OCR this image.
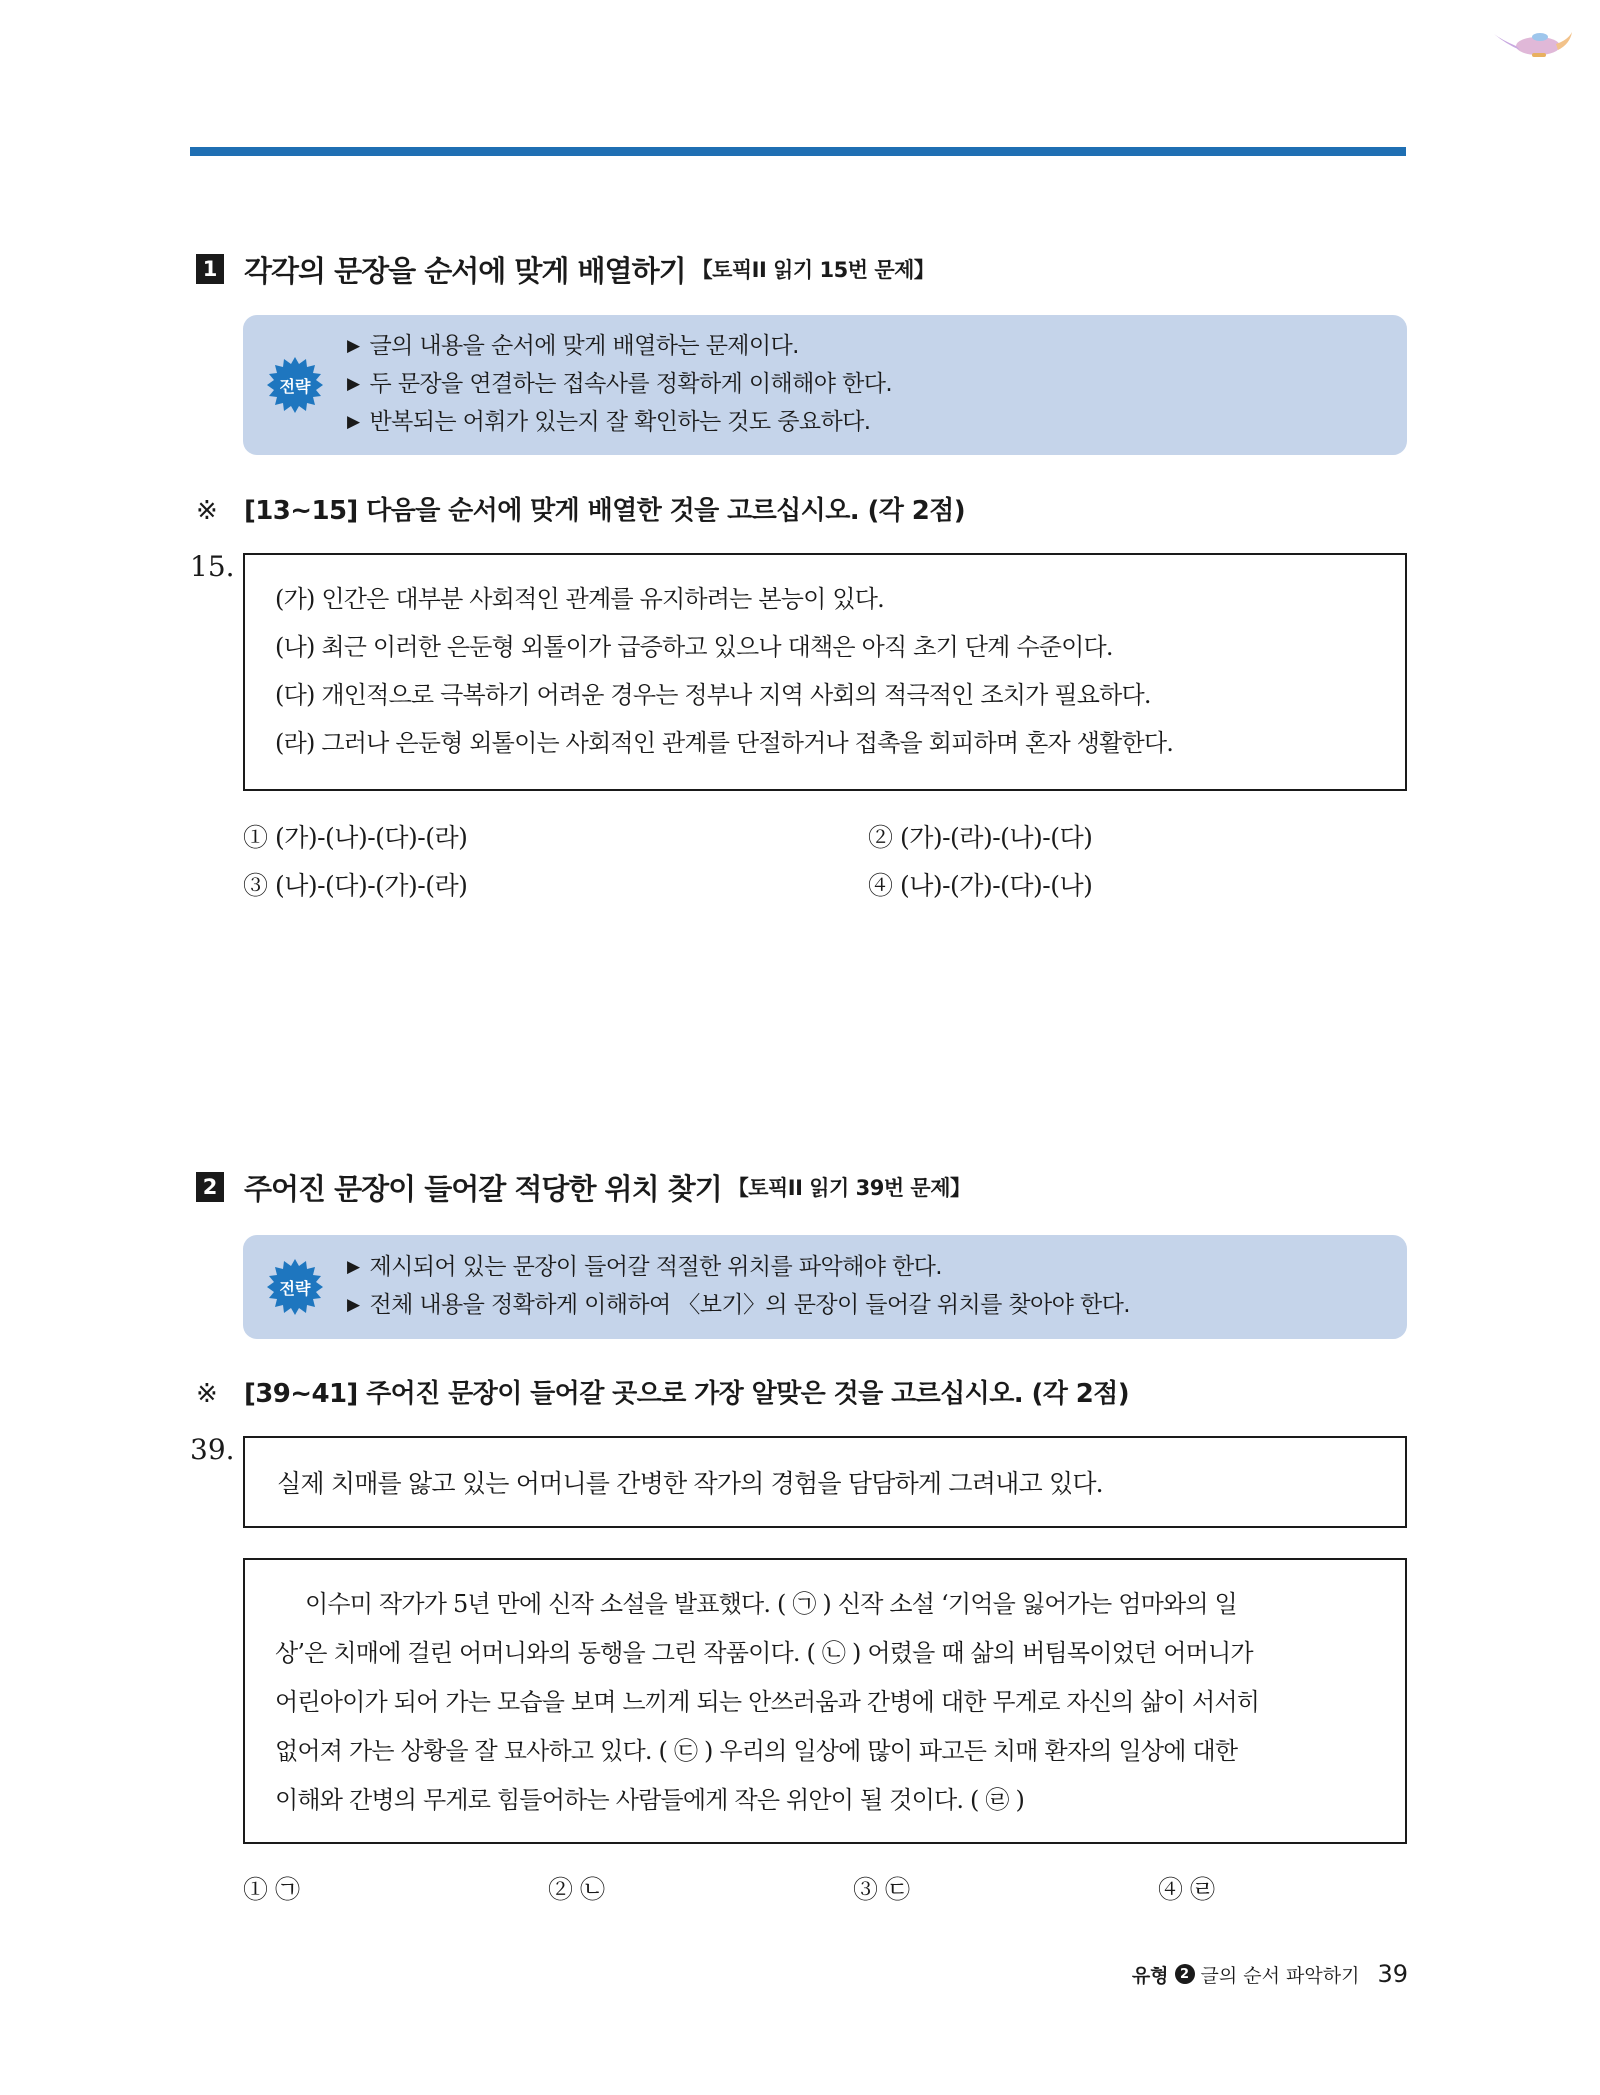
1 각각의 문장을 순서에 맞게 배열하기 【토픽II 읽기 15번 문제】
전략
▶ 글의 내용을 순서에 맞게 배열하는 문제이다.
▶ 두 문장을 연결하는 접속사를 정확하게 이해해야 한다.
▶ 반복되는 어휘가 있는지 잘 확인하는 것도 중요하다.
※ [13~15] 다음을 순서에 맞게 배열한 것을 고르십시오. (각 2점)
15.
(가) 인간은 대부분 사회적인 관계를 유지하려는 본능이 있다.
(나) 최근 이러한 은둔형 외톨이가 급증하고 있으나 대책은 아직 초기 단계 수준이다.
(다) 개인적으로 극복하기 어려운 경우는 정부나 지역 사회의 적극적인 조치가 필요하다.
(라) 그러나 은둔형 외톨이는 사회적인 관계를 단절하거나 접촉을 회피하며 혼자 생활한다.
① (가)-(나)-(다)-(라)	② (가)-(라)-(나)-(다)
③ (나)-(다)-(가)-(라)	④ (나)-(가)-(다)-(나)
2 주어진 문장이 들어갈 적당한 위치 찾기 【토픽II 읽기 39번 문제】
전략
▶ 제시되어 있는 문장이 들어갈 적절한 위치를 파악해야 한다.
▶ 전체 내용을 정확하게 이해하여 〈보기〉의 문장이 들어갈 위치를 찾아야 한다.
※ [39~41] 주어진 문장이 들어갈 곳으로 가장 알맞은 것을 고르십시오. (각 2점)
39.
실제 치매를 앓고 있는 어머니를 간병한 작가의 경험을 담담하게 그려내고 있다.
이수미 작가가 5년 만에 신작 소설을 발표했다. ( ㉠ ) 신작 소설 ‘기억을 잃어가는 엄마와의 일
상’은 치매에 걸린 어머니와의 동행을 그린 작품이다. ( ㉡ ) 어렸을 때 삶의 버팀목이었던 어머니가
어린아이가 되어 가는 모습을 보며 느끼게 되는 안쓰러움과 간병에 대한 무게로 자신의 삶이 서서히
없어져 가는 상황을 잘 묘사하고 있다. ( ㉢ ) 우리의 일상에 많이 파고든 치매 환자의 일상에 대한
이해와 간병의 무게로 힘들어하는 사람들에게 작은 위안이 될 것이다. ( ㉣ )
① ㉠	② ㉡	③ ㉢	④ ㉣
유형 2 글의 순서 파악하기 39
